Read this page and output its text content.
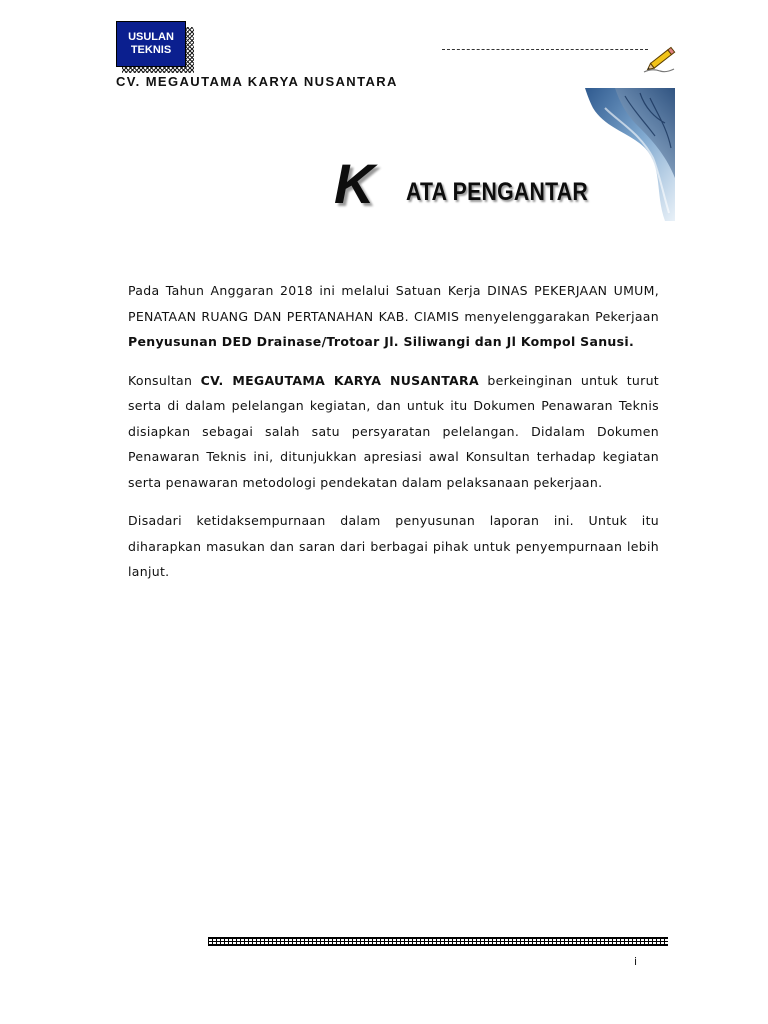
USULAN
TEKNIS
CV. MEGAUTAMA KARYA NUSANTARA
K ATA PENGANTAR

Pada Tahun Anggaran 2018 ini melalui Satuan Kerja DINAS PEKERJAAN UMUM, PENATAAN RUANG DAN PERTANAHAN KAB. CIAMIS menyelenggarakan Pekerjaan Penyusunan DED Drainase/Trotoar Jl. Siliwangi dan Jl Kompol Sanusi.

Konsultan CV. MEGAUTAMA KARYA NUSANTARA berkeinginan untuk turut serta di dalam pelelangan kegiatan, dan untuk itu Dokumen Penawaran Teknis disiapkan sebagai salah satu persyaratan pelelangan. Didalam Dokumen Penawaran Teknis ini, ditunjukkan apresiasi awal Konsultan terhadap kegiatan serta penawaran metodologi pendekatan dalam pelaksanaan pekerjaan.

Disadari ketidaksempurnaan dalam penyusunan laporan ini. Untuk itu diharapkan masukan dan saran dari berbagai pihak untuk penyempurnaan lebih lanjut.

i
